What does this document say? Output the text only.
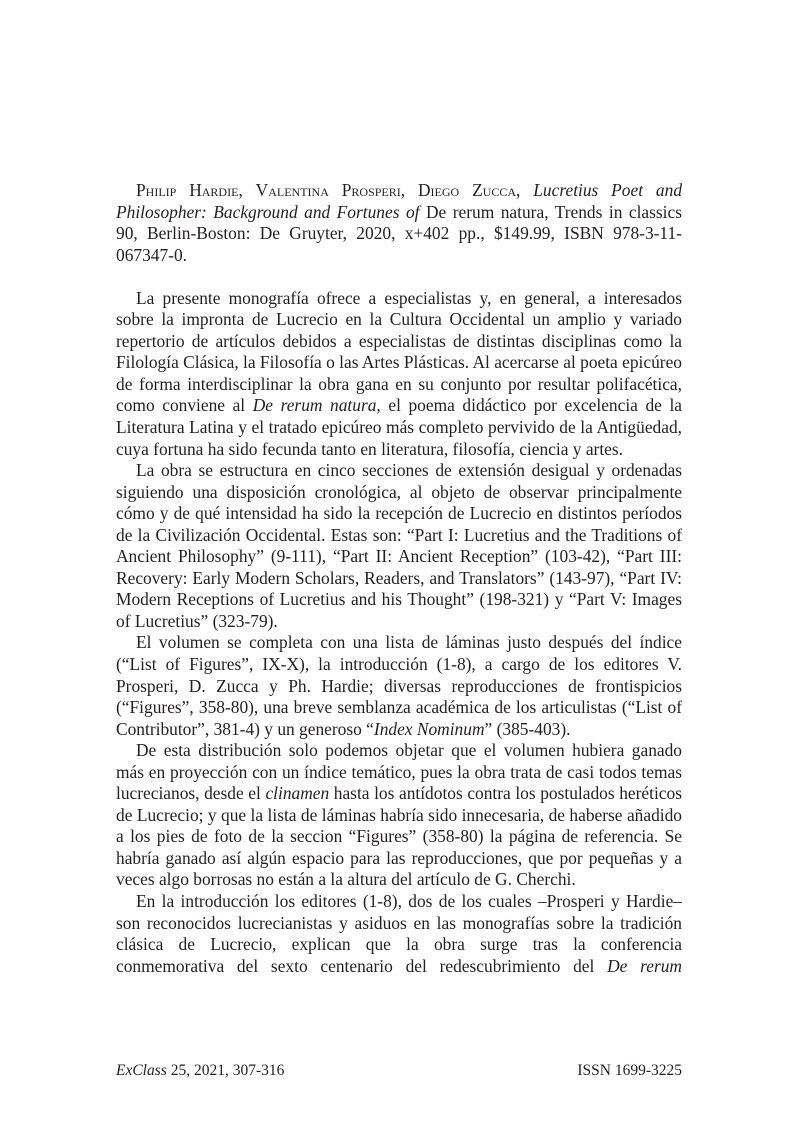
Philip Hardie, Valentina Prosperi, Diego Zucca, Lucretius Poet and Philosopher: Background and Fortunes of De rerum natura, Trends in classics 90, Berlin-Boston: De Gruyter, 2020, x+402 pp., $149.99, ISBN 978-3-11-067347-0.

La presente monografía ofrece a especialistas y, en general, a interesados sobre la impronta de Lucrecio en la Cultura Occidental un amplio y variado repertorio de artículos debidos a especialistas de distintas disciplinas como la Filología Clásica, la Filosofía o las Artes Plásticas. Al acercarse al poeta epicúreo de forma interdisciplinar la obra gana en su conjunto por resultar polifacética, como conviene al De rerum natura, el poema didáctico por excelencia de la Literatura Latina y el tratado epicúreo más completo pervivido de la Antigüedad, cuya fortuna ha sido fecunda tanto en literatura, filosofía, ciencia y artes.

La obra se estructura en cinco secciones de extensión desigual y ordenadas siguiendo una disposición cronológica, al objeto de observar principalmente cómo y de qué intensidad ha sido la recepción de Lucrecio en distintos períodos de la Civilización Occidental. Estas son: “Part I: Lucretius and the Traditions of Ancient Philosophy” (9-111), “Part II: Ancient Reception” (103-42), “Part III: Recovery: Early Modern Scholars, Readers, and Translators” (143-97), “Part IV: Modern Receptions of Lucretius and his Thought” (198-321) y “Part V: Images of Lucretius” (323-79).

El volumen se completa con una lista de láminas justo después del índice (“List of Figures”, IX-X), la introducción (1-8), a cargo de los editores V. Prosperi, D. Zucca y Ph. Hardie; diversas reproducciones de frontispicios (“Figures”, 358-80), una breve semblanza académica de los articulistas (“List of Contributor”, 381-4) y un generoso “Index Nominum” (385-403).

De esta distribución solo podemos objetar que el volumen hubiera ganado más en proyección con un índice temático, pues la obra trata de casi todos temas lucrecianos, desde el clinamen hasta los antídotos contra los postulados heréticos de Lucrecio; y que la lista de láminas habría sido innecesaria, de haberse añadido a los pies de foto de la seccion “Figures” (358-80) la página de referencia. Se habría ganado así algún espacio para las reproducciones, que por pequeñas y a veces algo borrosas no están a la altura del artículo de G. Cherchi.

En la introducción los editores (1-8), dos de los cuales –Prosperi y Hardie– son reconocidos lucrecianistas y asiduos en las monografías sobre la tradición clásica de Lucrecio, explican que la obra surge tras la conferencia conmemorativa del sexto centenario del redescubrimiento del De rerum

ExClass 25, 2021, 307-316	ISSN 1699-3225
